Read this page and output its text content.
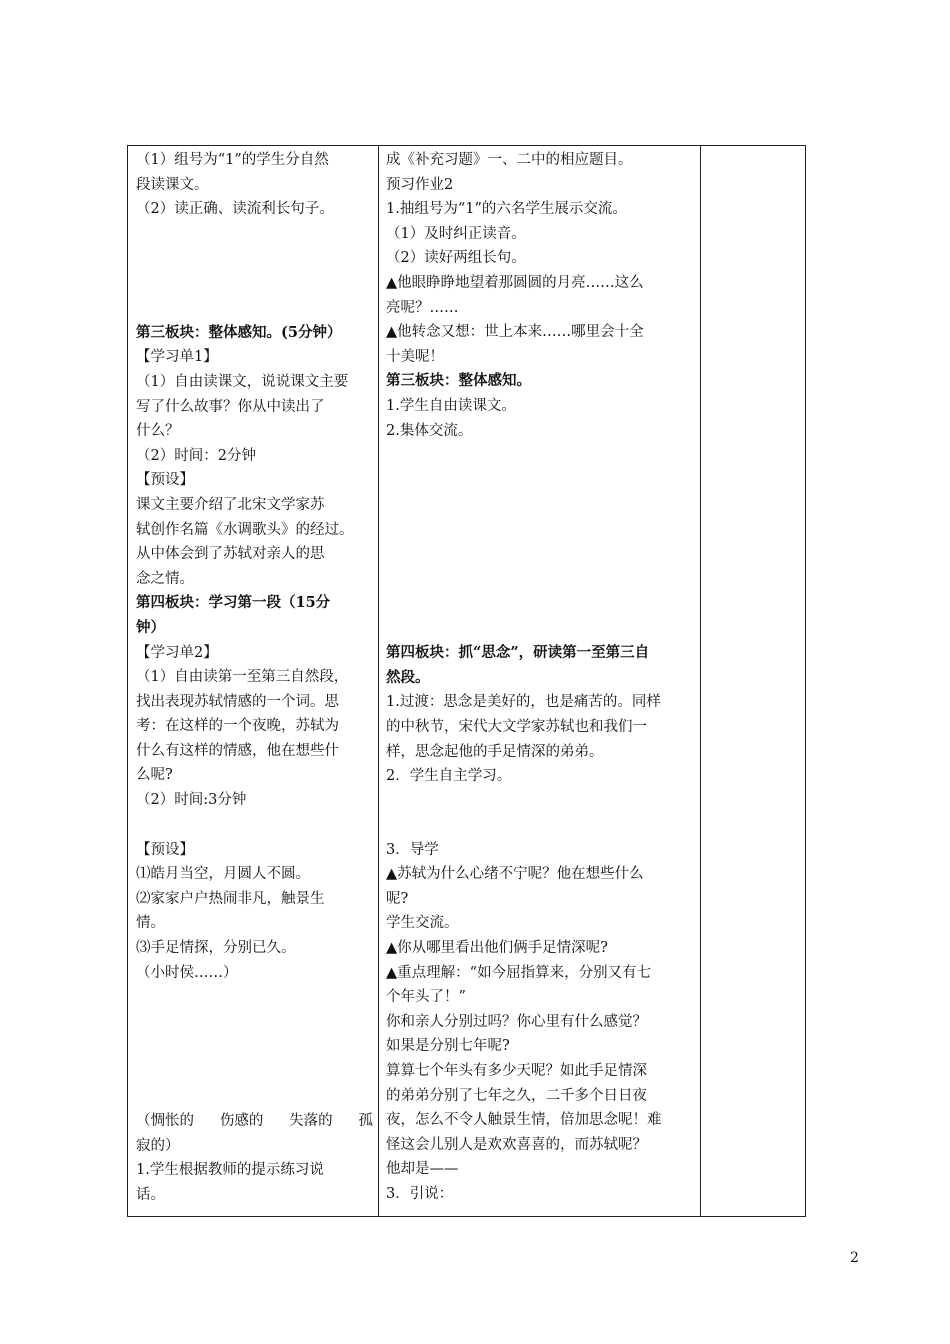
（1）组号为“1”的学生分自然
段读课文。
（2）读正确、读流利长句子。
第三板块：整体感知。(5分钟）
【学习单1】
（1）自由读课文，说说课文主要
写了什么故事？你从中读出了
什么？
（2）时间：2分钟
【预设】
课文主要介绍了北宋文学家苏
轼创作名篇《水调歌头》的经过。
从中体会到了苏轼对亲人的思
念之情。
第四板块：学习第一段（15分
钟）
【学习单2】
（1）自由读第一至第三自然段，
找出表现苏轼情感的一个词。思
考：在这样的一个夜晚，苏轼为
什么有这样的情感，他在想些什
么呢?
（2）时间:3分钟
【预设】
⑴皓月当空，月圆人不圆。
⑵家家户户热闹非凡，触景生
情。
⑶手足情探，分别已久。
（小时侯……）
（惆怅的 伤感的 失落的 孤
寂的）
1.学生根据教师的提示练习说
话。
成《补充习题》一、二中的相应题目。
预习作业2
1.抽组号为“1”的六名学生展示交流。
（1）及时纠正读音。
（2）读好两组长句。
▲他眼睁睁地望着那圆圆的月亮……这么
亮呢？……
▲他转念又想：世上本来……哪里会十全
十美呢！
第三板块：整体感知。
1.学生自由读课文。
2.集体交流。
第四板块：抓“思念”，研读第一至第三自
然段。
1.过渡：思念是美好的，也是痛苦的。同样
的中秋节，宋代大文学家苏轼也和我们一
样，思念起他的手足情深的弟弟。
2．学生自主学习。
3．导学
▲苏轼为什么心绪不宁呢？他在想些什么
呢?
学生交流。
▲你从哪里看出他们俩手足情深呢?
▲重点理解：“如今屈指算来，分别又有七
个年头了！”
你和亲人分别过吗？你心里有什么感觉？
如果是分别七年呢?
算算七个年头有多少天呢？如此手足情深
的弟弟分别了七年之久，二千多个日日夜
夜，怎么不令人触景生情，倍加思念呢！难
怪这会儿别人是欢欢喜喜的，而苏轼呢？
他却是——
3．引说：
2
